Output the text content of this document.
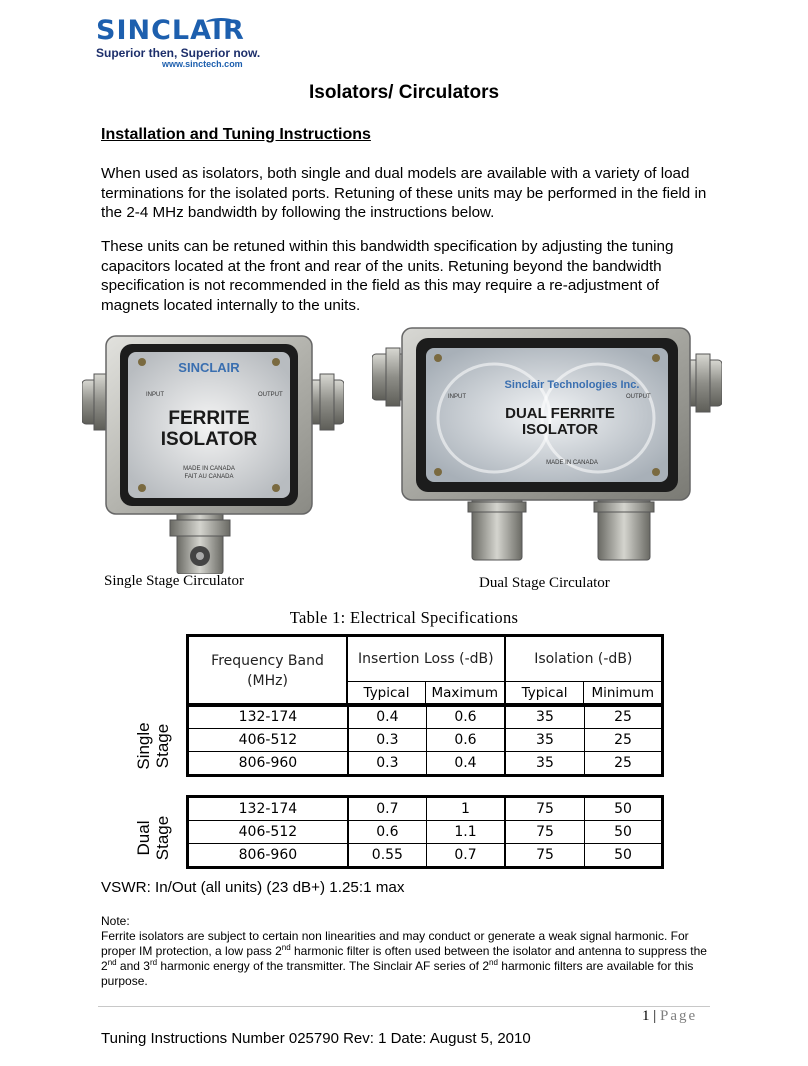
SINCLAIR
Superior then, Superior now.
www.sinctech.com
Isolators/ Circulators
Installation and Tuning Instructions

When used as isolators, both single and dual models are available with a variety of load terminations for the isolated ports. Retuning of these units may be performed in the field in the 2-4 MHz bandwidth by following the instructions below.

These units can be retuned within this bandwidth specification by adjusting the tuning capacitors located at the front and rear of the units. Retuning beyond the bandwidth specification is not recommended in the field as this may require a re-adjustment of magnets located internally to the units.

SINCLAIR
INPUT	OUTPUT
FERRITE
ISOLATOR
MADE IN CANADA
FAIT AU CANADA
Sinclair Technologies Inc.
INPUT	OUTPUT
DUAL FERRITE
ISOLATOR
MADE IN CANADA
Single Stage Circulator	Dual Stage Circulator
Table 1: Electrical Specifications
Frequency Band
(MHz)	Insertion Loss (-dB)		Isolation (-dB)	
	Typical	Maximum	Typical	Minimum
Single
Stage
132-174	0.4	0.6	35	25
406-512	0.3	0.6	35	25
806-960	0.3	0.4	35	25
Dual
Stage
132-174	0.7	1	75	50
406-512	0.6	1.1	75	50
806-960	0.55	0.7	75	50
VSWR: In/Out (all units) (23 dB+) 1.25:1 max
Note:

Ferrite isolators are subject to certain non linearities and may conduct or generate a weak signal harmonic. For proper IM protection, a low pass 2nd harmonic filter is often used between the isolator and antenna to suppress the 2nd and 3rd harmonic energy of the transmitter. The Sinclair AF series of 2nd harmonic filters are available for this purpose.

1 | Page
Tuning Instructions Number 025790 Rev: 1 Date: August 5, 2010
